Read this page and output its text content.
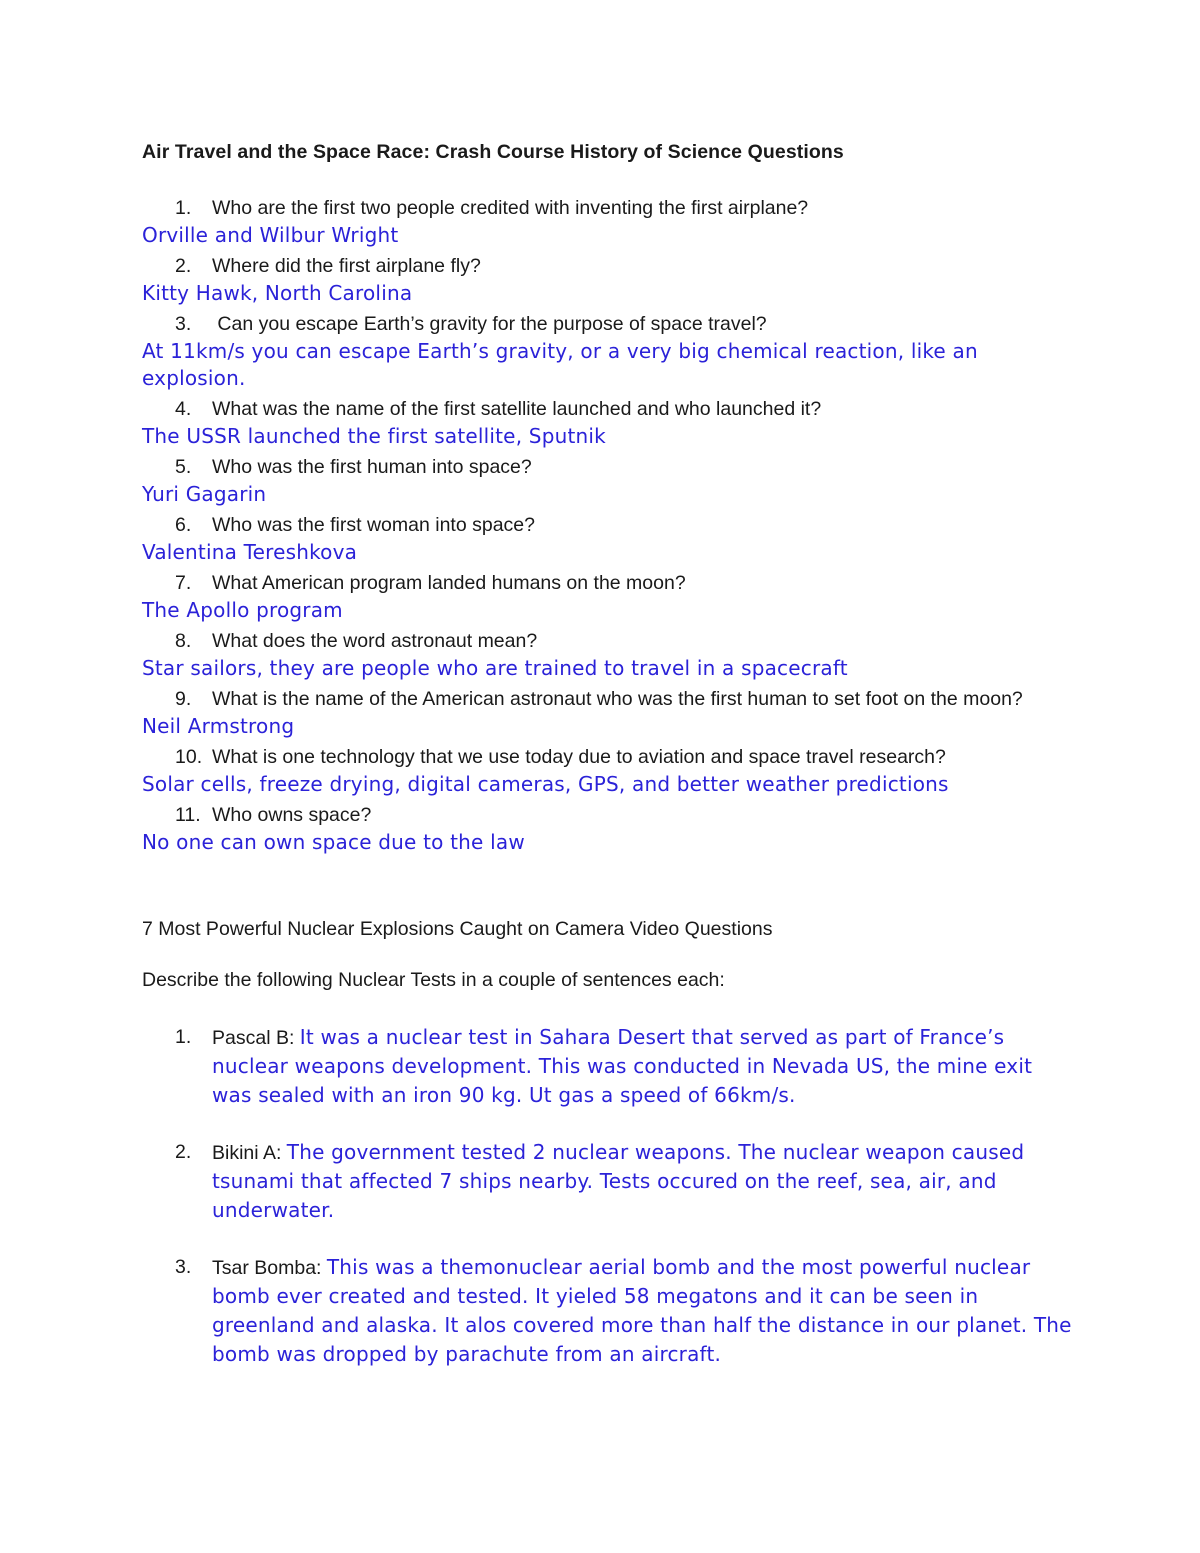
Air Travel and the Space Race: Crash Course History of Science Questions
1. Who are the first two people credited with inventing the first airplane?
Orville and Wilbur Wright
2. Where did the first airplane fly?
Kitty Hawk, North Carolina
3. Can you escape Earth’s gravity for the purpose of space travel?
At 11km/s you can escape Earth’s gravity, or a very big chemical reaction, like an explosion.
4. What was the name of the first satellite launched and who launched it?
The USSR launched the first satellite, Sputnik
5. Who was the first human into space?
Yuri Gagarin
6. Who was the first woman into space?
Valentina Tereshkova
7. What American program landed humans on the moon?
The Apollo program
8. What does the word astronaut mean?
Star sailors, they are people who are trained to travel in a spacecraft
9. What is the name of the American astronaut who was the first human to set foot on the moon?
Neil Armstrong
10. What is one technology that we use today due to aviation and space travel research?
Solar cells, freeze drying, digital cameras, GPS, and better weather predictions
11. Who owns space?
No one can own space due to the law
7 Most Powerful Nuclear Explosions Caught on Camera Video Questions
Describe the following Nuclear Tests in a couple of sentences each:
1. Pascal B: It was a nuclear test in Sahara Desert that served as part of France’s nuclear weapons development. This was conducted in Nevada US, the mine exit was sealed with an iron 90 kg. Ut gas a speed of 66km/s.
2. Bikini A: The government tested 2 nuclear weapons. The nuclear weapon caused tsunami that affected 7 ships nearby. Tests occured on the reef, sea, air, and underwater.
3. Tsar Bomba: This was a themonuclear aerial bomb and the most powerful nuclear bomb ever created and tested. It yieled 58 megatons and it can be seen in greenland and alaska. It alos covered more than half the distance in our planet. The bomb was dropped by parachute from an aircraft.
